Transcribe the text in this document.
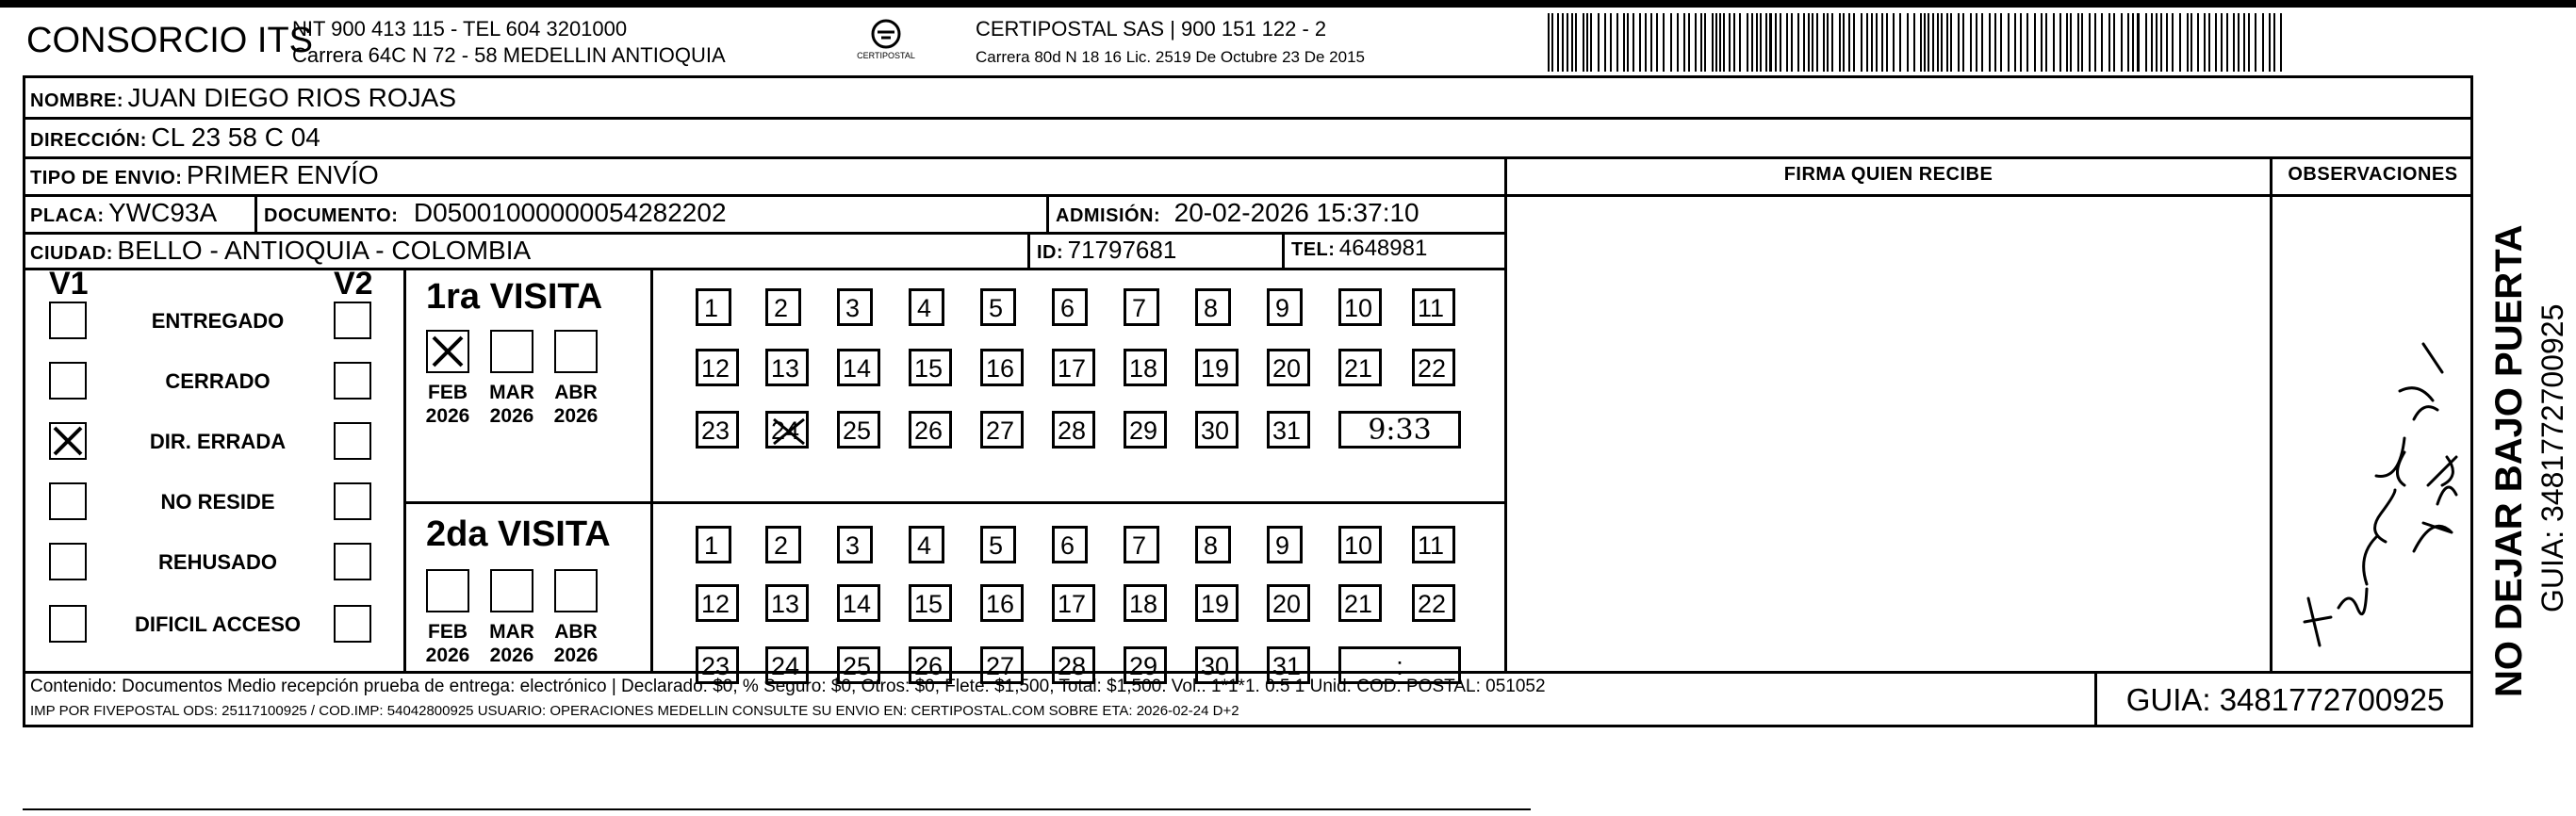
CONSORCIO ITS
NIT 900 413 115 - TEL 604 3201000
Carrera 64C N 72 - 58 MEDELLIN ANTIOQUIA	CERTIPOSTAL
CERTIPOSTAL SAS | 900 151 122 - 2
Carrera 80d N 18 16 Lic. 2519 De Octubre 23 De 2015
NOMBRE: JUAN DIEGO RIOS ROJAS
DIRECCIÓN: CL 23 58 C 04
TIPO DE ENVIO: PRIMER ENVÍO
PLACA: YWC93A DOCUMENTO: D05001000000054282202	ADMISIÓN: 20-02-2026 15:37:10
CIUDAD: BELLO - ANTIOQUIA - COLOMBIA	ID: 71797681	TEL: 4648981
FIRMA QUIEN RECIBE	OBSERVACIONES
V1	V2
ENTREGADO
CERRADO
DIR. ERRADA
NO RESIDE
REHUSADO
DIFICIL ACCESO
1ra VISITA
2da VISITA
FEB
2026
MAR
2026
ABR
2026
1	2	3	4	5	6	7	8	9	10	11
12	13	14	15	16	17	18	19	20	21	22
23	24	25	26	27	28	29	30	31	9:33
FEB
2026
MAR
2026
ABR
2026
1	2	3	4	5	6	7	8	9	10	11
12	13	14	15	16	17	18	19	20	21	22
23	24	25	26	27	28	29	30	31	:
Contenido: Documentos Medio recepción prueba de entrega: electrónico | Declarado: $0, % Seguro: $0, Otros: $0, Flete: $1,500, Total: $1,500. Vol.: 1*1*1. 0.5 1 Unid. COD. POSTAL: 051052
IMP POR FIVEPOSTAL ODS: 25117100925 / COD.IMP: 54042800925 USUARIO: OPERACIONES MEDELLIN CONSULTE SU ENVIO EN: CERTIPOSTAL.COM SOBRE ETA: 2026-02-24 D+2	GUIA: 3481772700925
NO DEJAR BAJO PUERTA GUIA: 3481772700925
